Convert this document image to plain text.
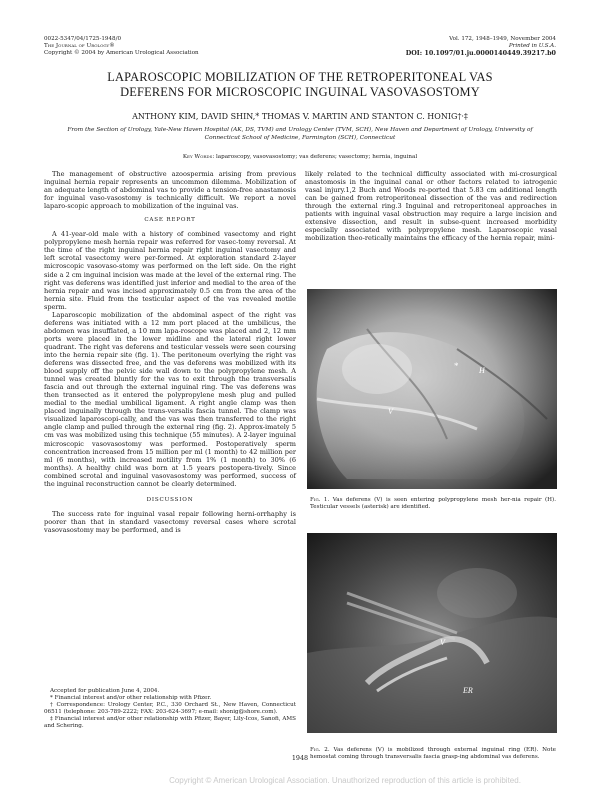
0022-5347/04/1725-1948/0
The Journal of Urology®
Copyright © 2004 by American Urological Association
Vol. 172, 1948–1949, November 2004
Printed in U.S.A.
DOI: 10.1097/01.ju.0000140449.39217.b0
LAPAROSCOPIC MOBILIZATION OF THE RETROPERITONEAL VAS
DEFERENS FOR MICROSCOPIC INGUINAL VASOVASOSTOMY
ANTHONY KIM, DAVID SHIN,* THOMAS V. MARTIN AND STANTON C. HONIG†·‡
From the Section of Urology, Yale-New Haven Hospital (AK, DS, TVM) and Urology Center (TVM, SCH), New Haven and Department of Urology, University of Connecticut School of Medicine, Farmington (SCH), Connecticut
Key Words: laparoscopy, vasovasostomy; vas deferens; vasectomy; hernia, inguinal

The management of obstructive azoospermia arising from previous inguinal hernia repair represents an uncommon dilemma. Mobilization of an adequate length of abdominal vas to provide a tension-free anastamosis for inguinal vaso-vasostomy is technically difficult. We report a novel laparo-scopic approach to mobilization of the inguinal vas.

CASE REPORT

A 41-year-old male with a history of combined vasectomy and right polypropylene mesh hernia repair was referred for vasec-tomy reversal. At the time of the right inguinal hernia repair right inguinal vasectomy and left scrotal vasectomy were per-formed. At exploration standard 2-layer microscopic vasovaso-stomy was performed on the left side. On the right side a 2 cm inguinal incision was made at the level of the external ring. The right vas deferens was identified just inferior and medial to the area of the hernia repair and was incised approximately 0.5 cm from the area of the hernia site. Fluid from the testicular aspect of the vas revealed motile sperm.

Laparoscopic mobilization of the abdominal aspect of the right vas deferens was initiated with a 12 mm port placed at the umbilicus, the abdomen was insufflated, a 10 mm lapa-roscope was placed and 2, 12 mm ports were placed in the lower midline and the lateral right lower quadrant. The right vas deferens and testicular vessels were seen coursing into the hernia repair site (fig. 1). The peritoneum overlying the right vas deferens was dissected free, and the vas deferens was mobilized with its blood supply off the pelvic side wall down to the polypropylene mesh. A tunnel was created bluntly for the vas to exit through the transversalis fascia and out through the external inguinal ring. The vas deferens was then transected as it entered the polypropylene mesh plug and pulled medial to the medial umbilical ligament. A right angle clamp was then placed inguinally through the trans-versalis fascia tunnel. The clamp was visualized laparoscopi-cally, and the vas was then transferred to the right angle clamp and pulled through the external ring (fig. 2). Approx-imately 5 cm vas was mobilized using this technique (55 minutes). A 2-layer inguinal microscopic vasovasostomy was performed. Postoperatively sperm concentration increased from 15 million per ml (1 month) to 42 million per ml (6 months), with increased motility from 1% (1 month) to 30% (6 months). A healthy child was born at 1.5 years postopera-tively. Since combined scrotal and inguinal vasovasostomy was performed, success of the inguinal reconstruction cannot be clearly determined.

DISCUSSION

The success rate for inguinal vasal repair following herni-orrhaphy is poorer than that in standard vasectomy reversal cases where scrotal vasovasostomy may be performed, and is

Accepted for publication June 4, 2004.

* Financial interest and/or other relationship with Pfizer.

† Correspondence: Urology Center, P.C., 330 Orchard St., New Haven, Connecticut 06511 (telephone: 203-789-2222; FAX: 203-624-3697; e-mail: shonig@shore.com).

‡ Financial interest and/or other relationship with Pfizer, Bayer, Lily-Icos, Sanofi, AMS and Schering.

likely related to the technical difficulty associated with mi-crosurgical anastomosis in the inguinal canal or other factors related to iatrogenic vasal injury.1,2 Buch and Woods re-ported that 5.83 cm additional length can be gained from retroperitoneal dissection of the vas and redirection through the external ring.3 Inguinal and retroperitoneal approaches in patients with inguinal vasal obstruction may require a large incision and extensive dissection, and result in subse-quent increased morbidity especially associated with polypropylene mesh. Laparoscopic vasal mobilization theo-retically maintains the efficacy of the hernia repair, mini-

V
H
*
Fig. 1. Vas deferens (V) is seen entering polypropylene mesh her-nia repair (H). Testicular vessels (asterisk) are identified.
V
ER
Fig. 2. Vas deferens (V) is mobilized through external inguinal ring (ER). Note hemostat coming through transversalis fascia grasp-ing abdominal vas deferens.
1948
Copyright © American Urological Association. Unauthorized reproduction of this article is prohibited.
